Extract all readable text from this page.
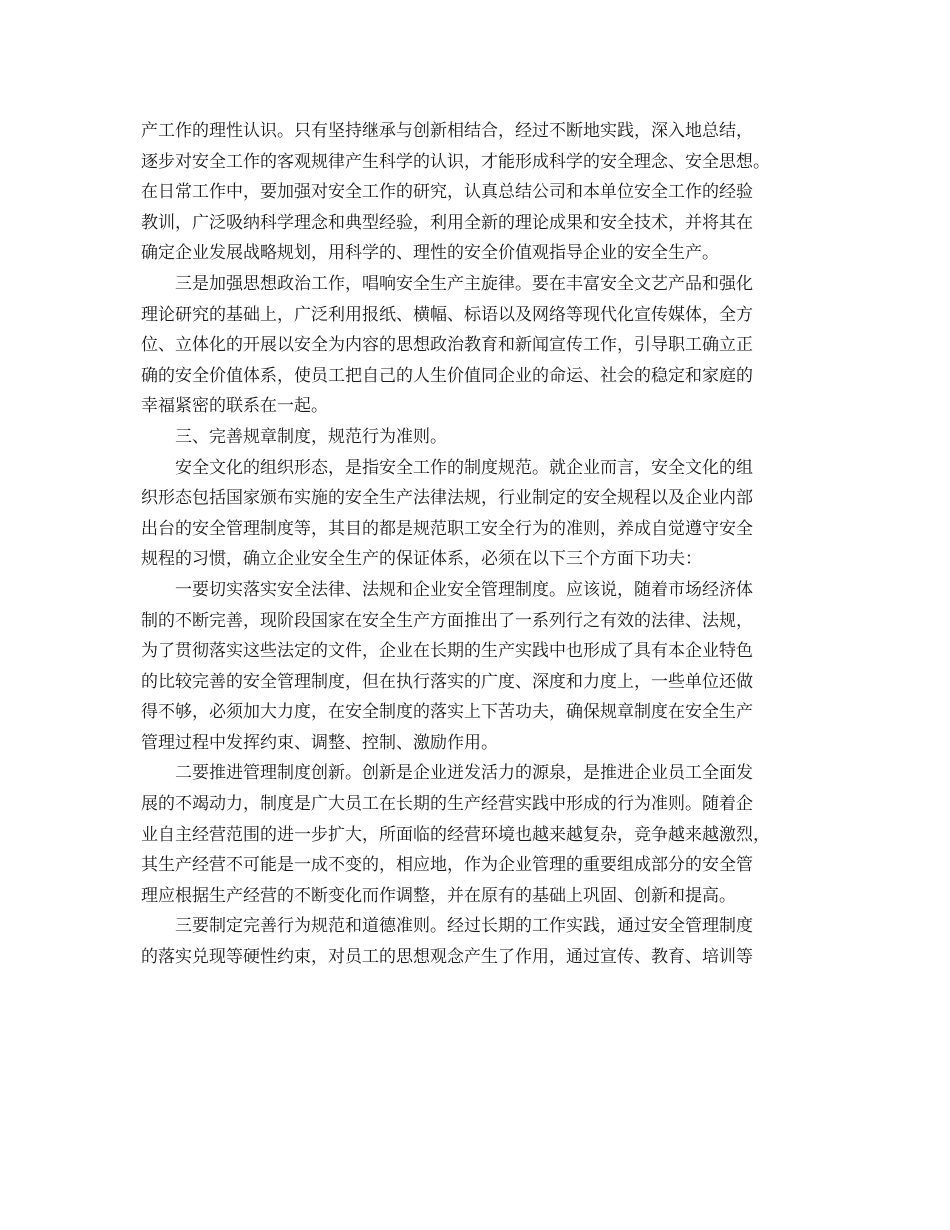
产工作的理性认识。只有坚持继承与创新相结合，经过不断地实践，深入地总结，
逐步对安全工作的客观规律产生科学的认识，才能形成科学的安全理念、安全思想。
在日常工作中，要加强对安全工作的研究，认真总结公司和本单位安全工作的经验
教训，广泛吸纳科学理念和典型经验，利用全新的理论成果和安全技术，并将其在
确定企业发展战略规划，用科学的、理性的安全价值观指导企业的安全生产。
三是加强思想政治工作，唱响安全生产主旋律。要在丰富安全文艺产品和强化
理论研究的基础上，广泛利用报纸、横幅、标语以及网络等现代化宣传媒体，全方
位、立体化的开展以安全为内容的思想政治教育和新闻宣传工作，引导职工确立正
确的安全价值体系，使员工把自己的人生价值同企业的命运、社会的稳定和家庭的
幸福紧密的联系在一起。
三、完善规章制度，规范行为准则。
安全文化的组织形态，是指安全工作的制度规范。就企业而言，安全文化的组
织形态包括国家颁布实施的安全生产法律法规，行业制定的安全规程以及企业内部
出台的安全管理制度等，其目的都是规范职工安全行为的准则，养成自觉遵守安全
规程的习惯，确立企业安全生产的保证体系，必须在以下三个方面下功夫：
一要切实落实安全法律、法规和企业安全管理制度。应该说，随着市场经济体
制的不断完善，现阶段国家在安全生产方面推出了一系列行之有效的法律、法规，
为了贯彻落实这些法定的文件，企业在长期的生产实践中也形成了具有本企业特色
的比较完善的安全管理制度，但在执行落实的广度、深度和力度上，一些单位还做
得不够，必须加大力度，在安全制度的落实上下苦功夫，确保规章制度在安全生产
管理过程中发挥约束、调整、控制、激励作用。
二要推进管理制度创新。创新是企业迸发活力的源泉，是推进企业员工全面发
展的不竭动力，制度是广大员工在长期的生产经营实践中形成的行为准则。随着企
业自主经营范围的进一步扩大，所面临的经营环境也越来越复杂，竞争越来越激烈，
其生产经营不可能是一成不变的，相应地，作为企业管理的重要组成部分的安全管
理应根据生产经营的不断变化而作调整，并在原有的基础上巩固、创新和提高。
三要制定完善行为规范和道德准则。经过长期的工作实践，通过安全管理制度
的落实兑现等硬性约束，对员工的思想观念产生了作用，通过宣传、教育、培训等
